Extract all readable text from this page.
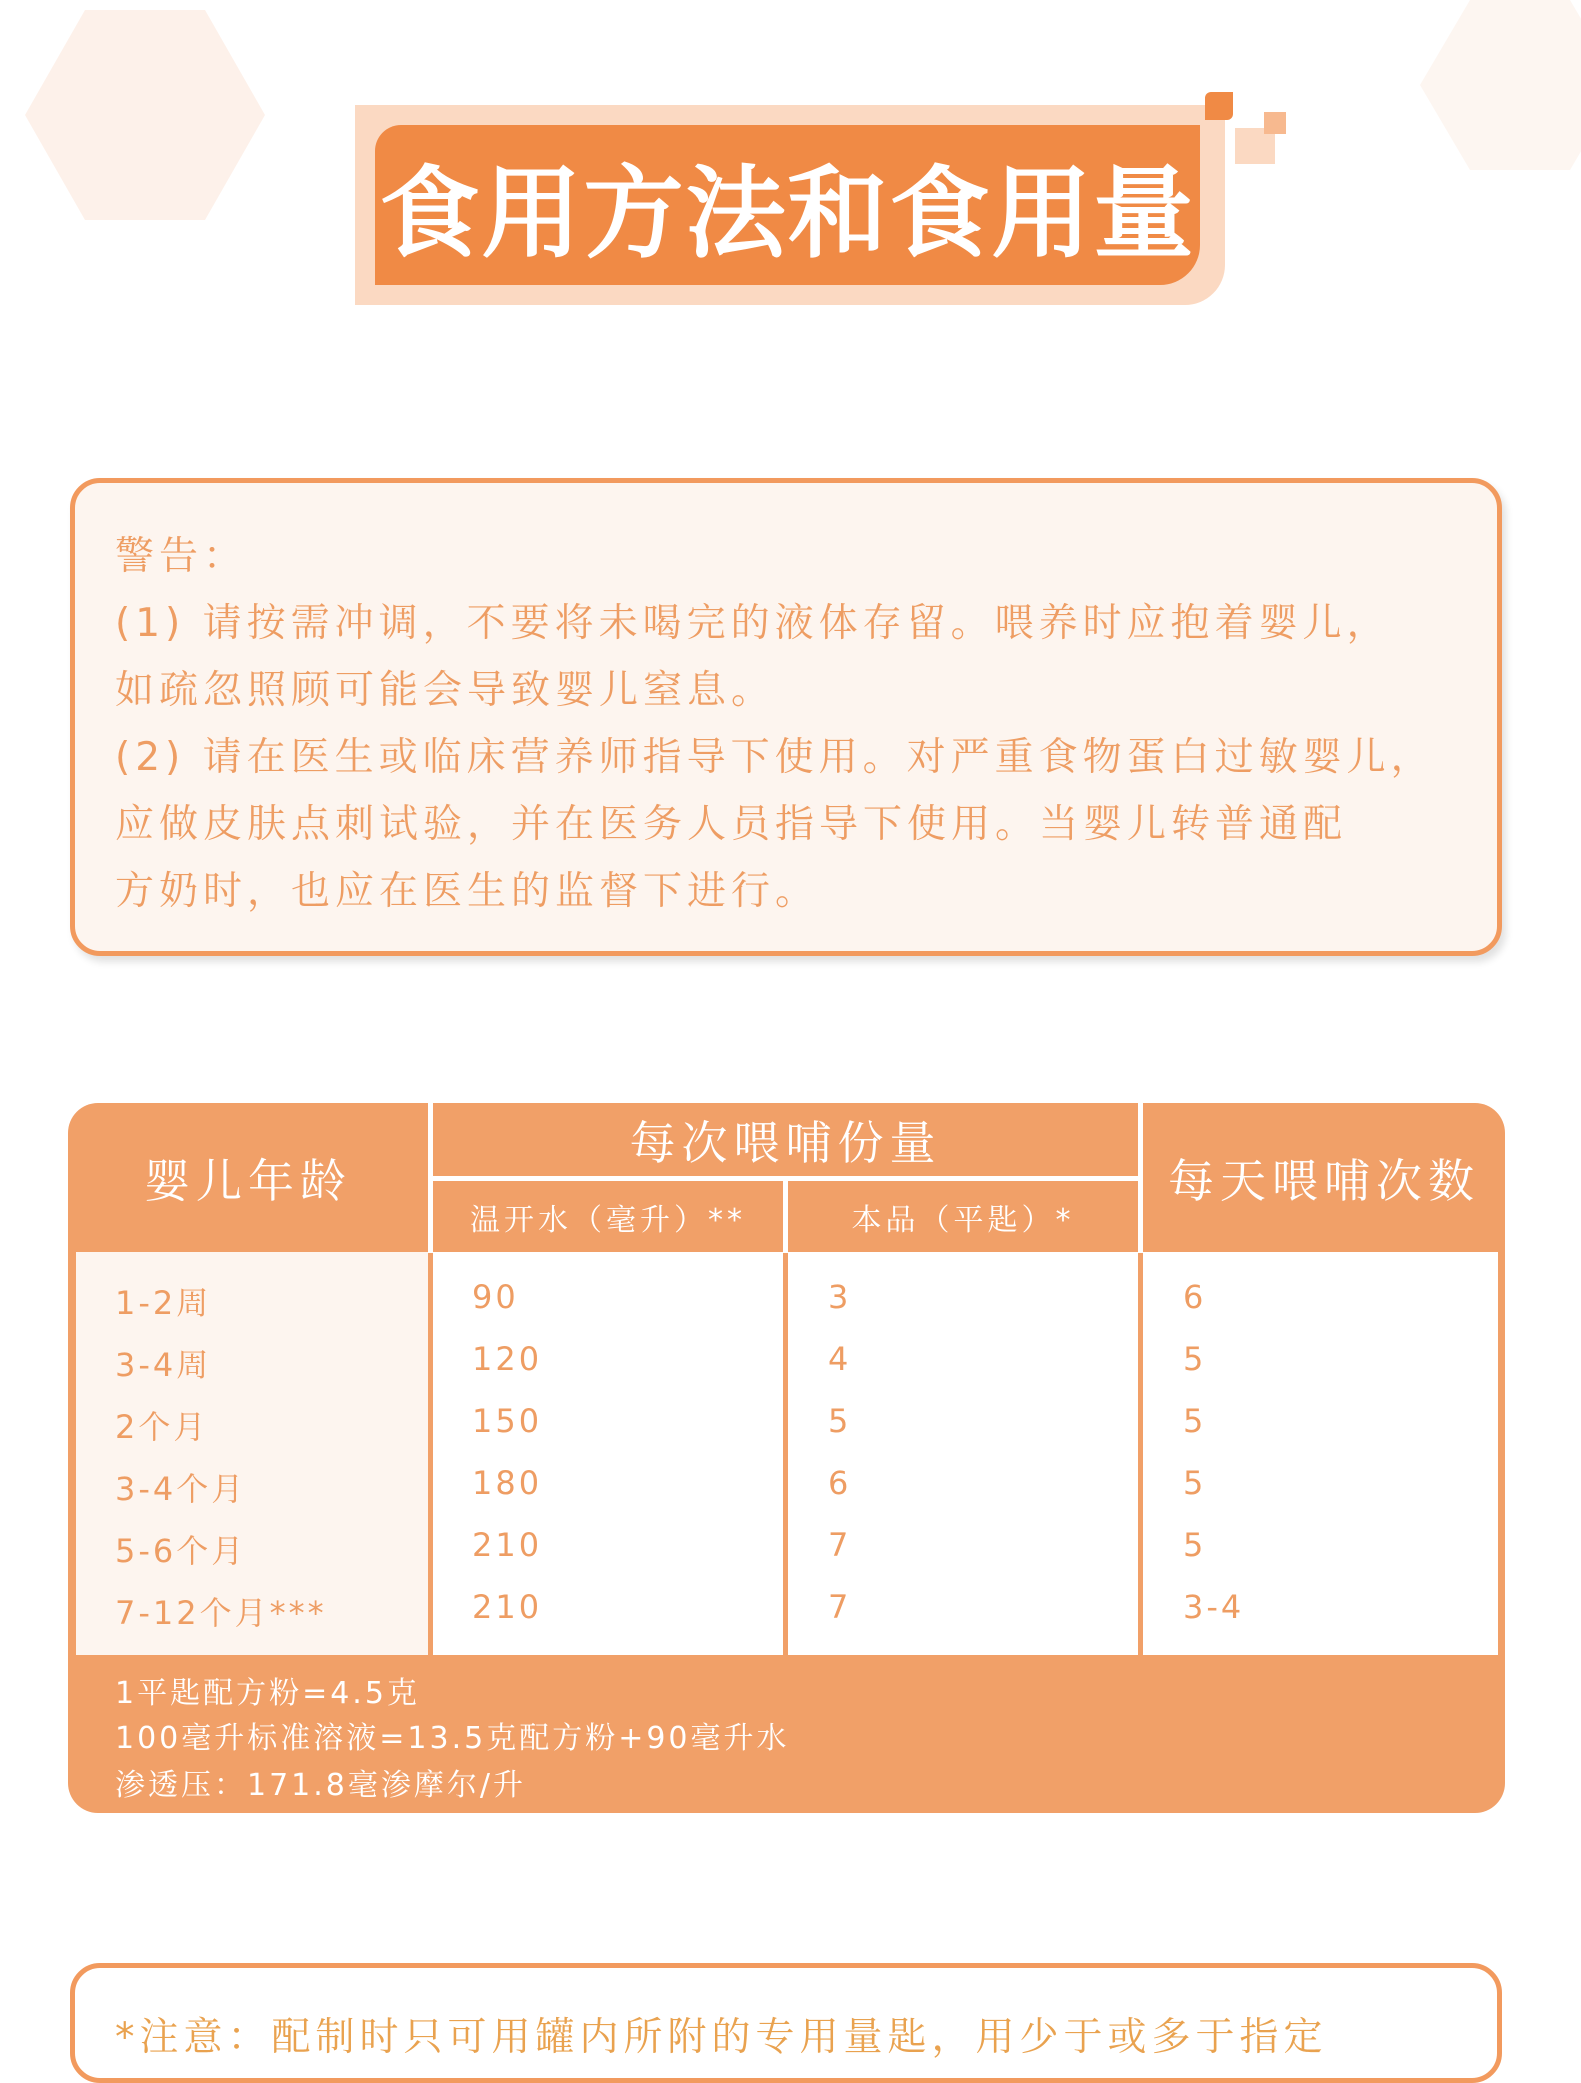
食用方法和食用量
警告：
(1) 请按需冲调，不要将未喝完的液体存留。喂养时应抱着婴儿，
如疏忽照顾可能会导致婴儿窒息。
(2) 请在医生或临床营养师指导下使用。对严重食物蛋白过敏婴儿，
应做皮肤点刺试验，并在医务人员指导下使用。当婴儿转普通配
方奶时，也应在医生的监督下进行。
婴儿年龄
每次喂哺份量
温开水（毫升）**	本品（平匙）*
每天喂哺次数
1-2周	90	3	6
3-4周	120	4	5
2个月	150	5	5
3-4个月	180	6	5
5-6个月	210	7	5
7-12个月***	210	7	3-4
1平匙配方粉=4.5克
100毫升标准溶液=13.5克配方粉+90毫升水
渗透压：171.8毫渗摩尔/升
*注意：配制时只可用罐内所附的专用量匙，用少于或多于指定
